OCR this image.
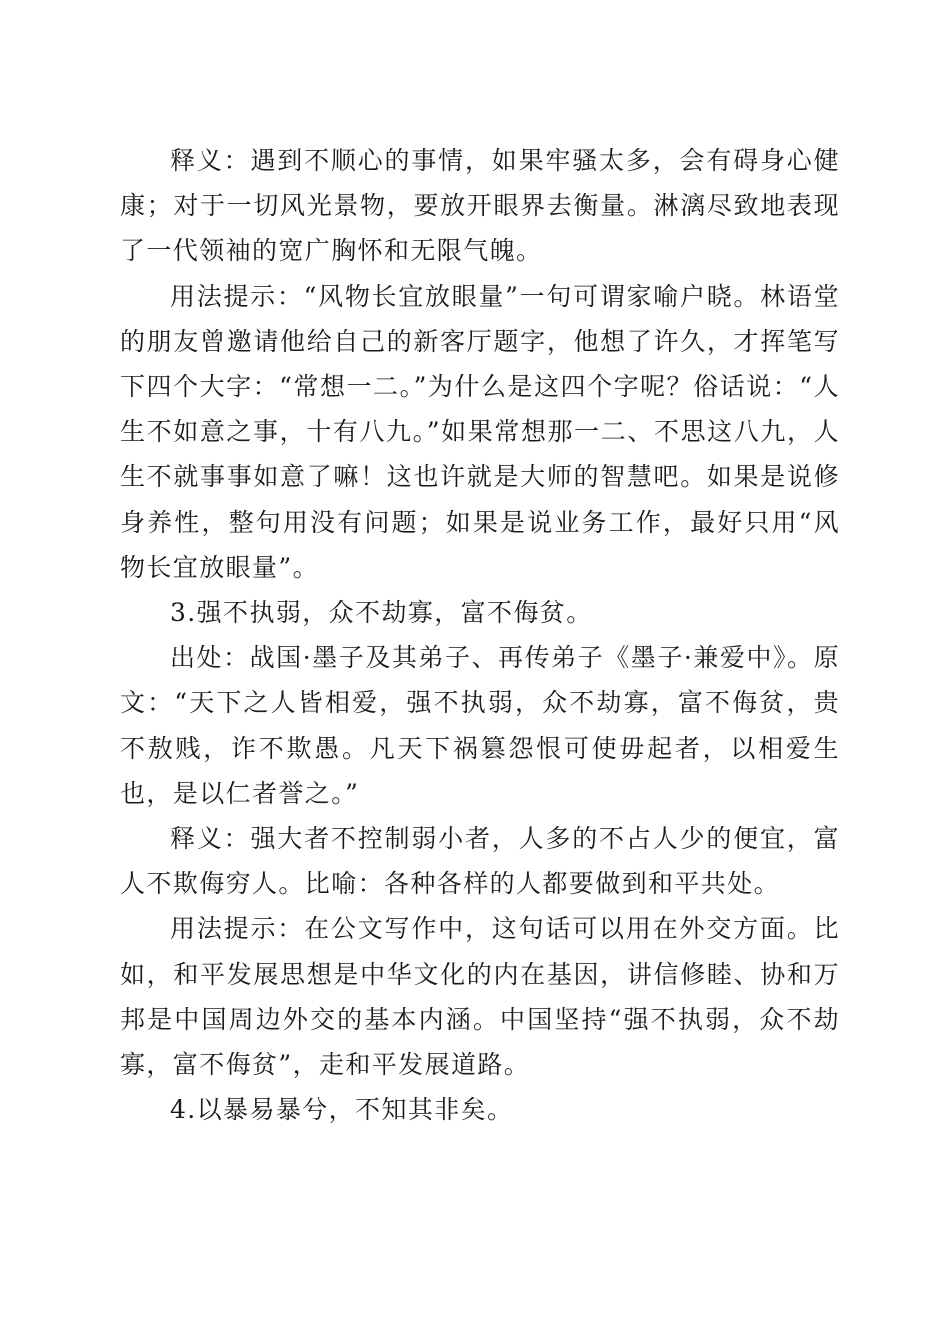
释义：遇到不顺心的事情，如果牢骚太多，会有碍身心健康；对于一切风光景物，要放开眼界去衡量。淋漓尽致地表现了一代领袖的宽广胸怀和无限气魄。

用法提示：“风物长宜放眼量”一句可谓家喻户晓。林语堂的朋友曾邀请他给自己的新客厅题字，他想了许久，才挥笔写下四个大字：“常想一二。”为什么是这四个字呢？俗话说：“人生不如意之事，十有八九。”如果常想那一二、不思这八九，人生不就事事如意了嘛！这也许就是大师的智慧吧。如果是说修身养性，整句用没有问题；如果是说业务工作，最好只用“风物长宜放眼量”。

3.强不执弱，众不劫寡，富不侮贫。

出处：战国·墨子及其弟子、再传弟子《墨子·兼爱中》。原文：“天下之人皆相爱，强不执弱，众不劫寡，富不侮贫，贵不敖贱，诈不欺愚。凡天下祸篡怨恨可使毋起者，以相爱生也，是以仁者誉之。”

释义：强大者不控制弱小者，人多的不占人少的便宜，富人不欺侮穷人。比喻：各种各样的人都要做到和平共处。

用法提示：在公文写作中，这句话可以用在外交方面。比如，和平发展思想是中华文化的内在基因，讲信修睦、协和万邦是中国周边外交的基本内涵。中国坚持“强不执弱，众不劫寡，富不侮贫”，走和平发展道路。

4.以暴易暴兮，不知其非矣。
